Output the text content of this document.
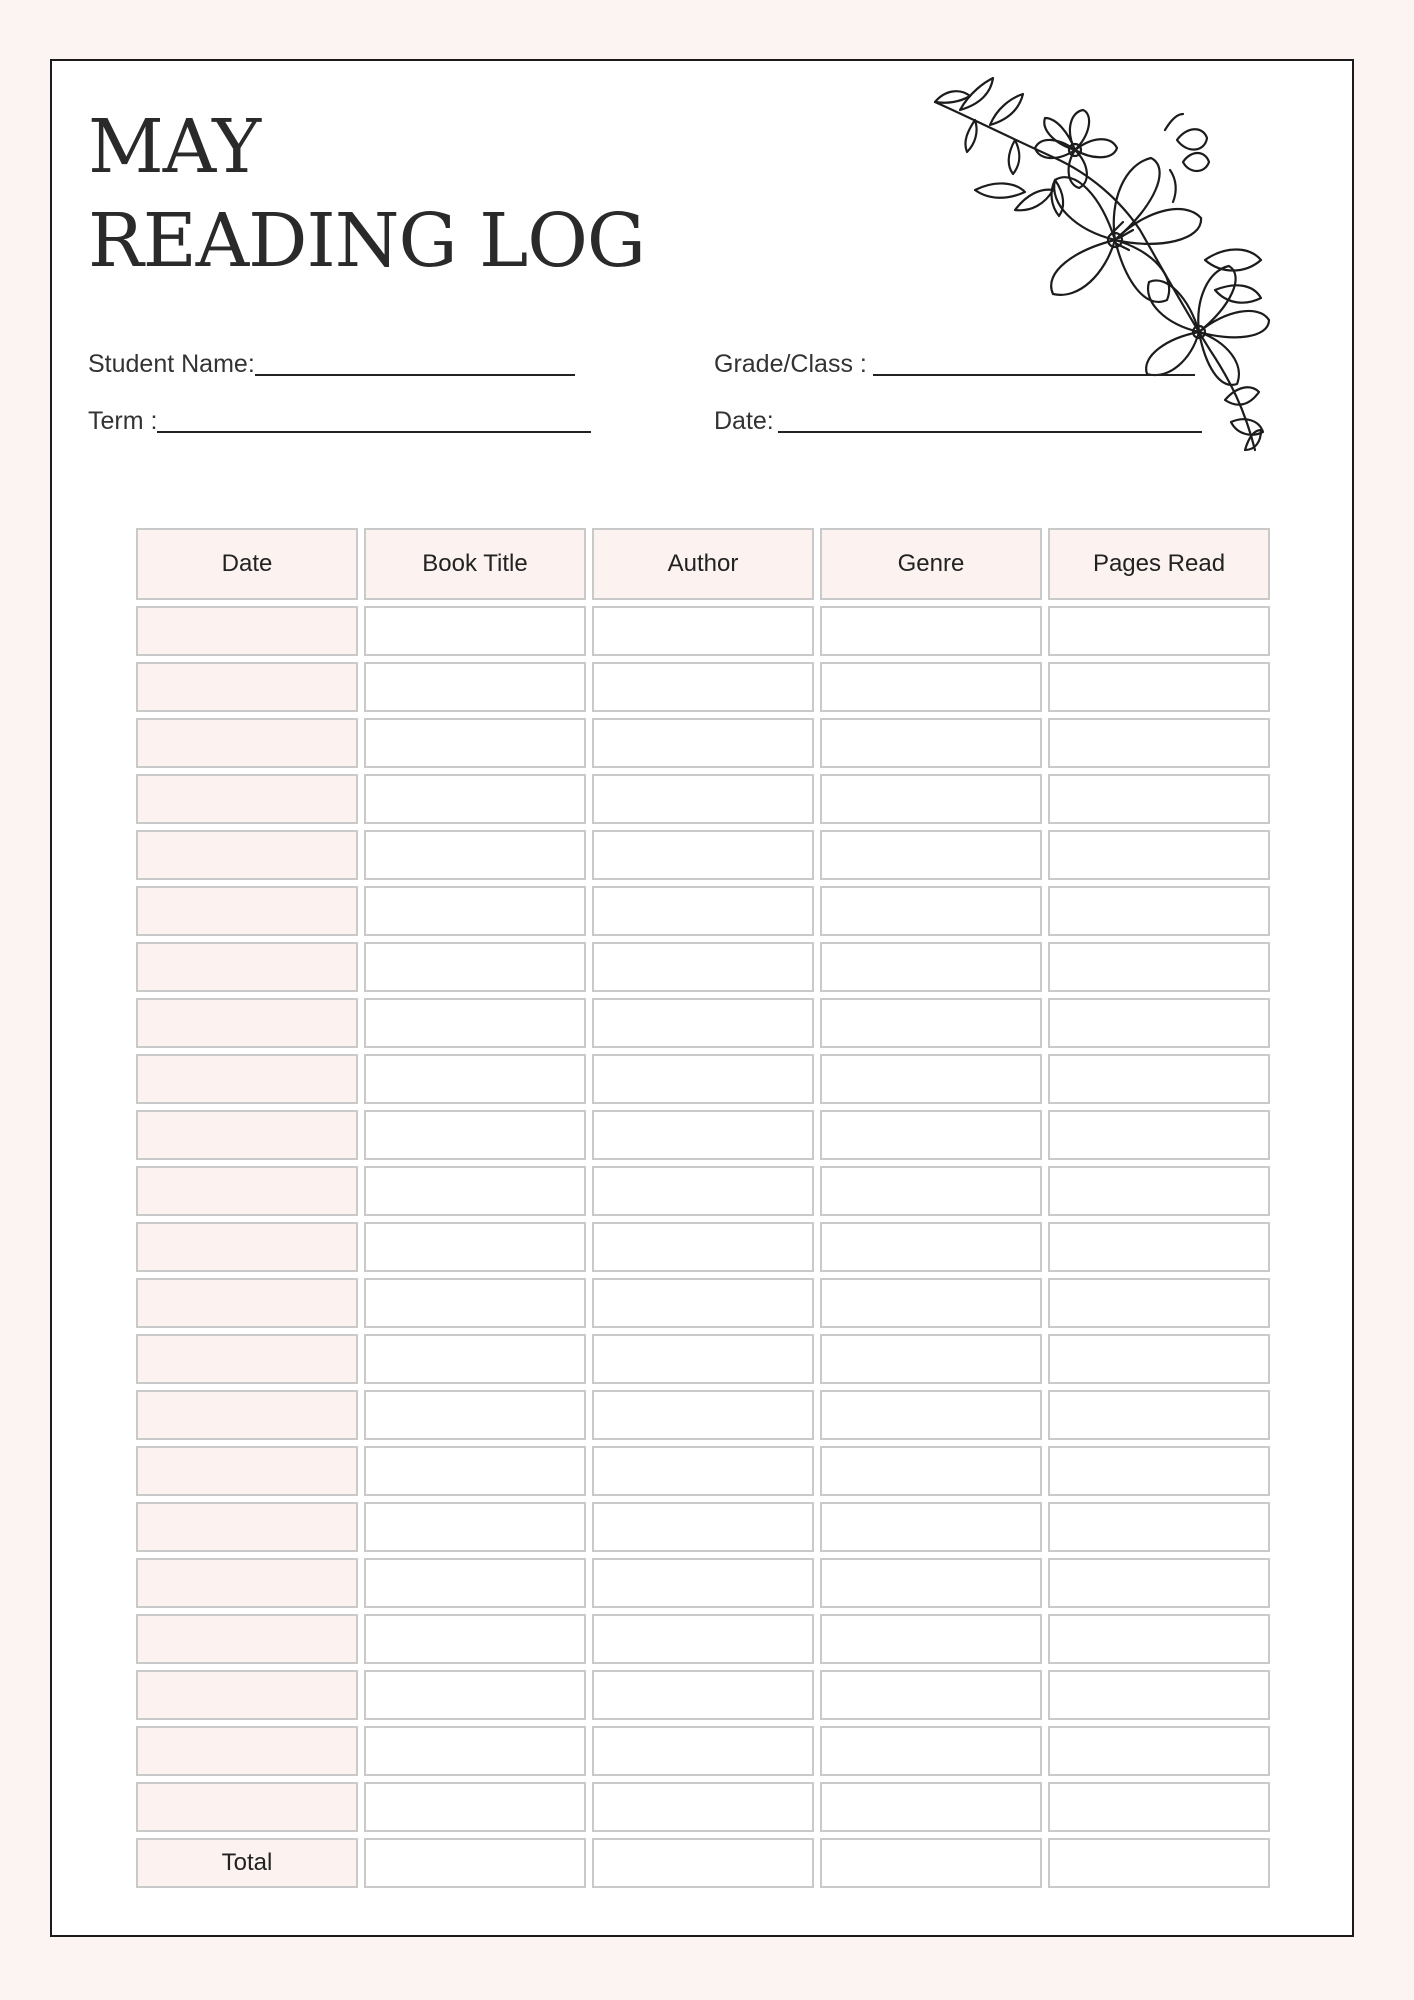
MAY
READING LOG
Student Name:	Grade/Class :
Term :	Date:
Date	Book Title	Author	Genre	Pages Read
Total
